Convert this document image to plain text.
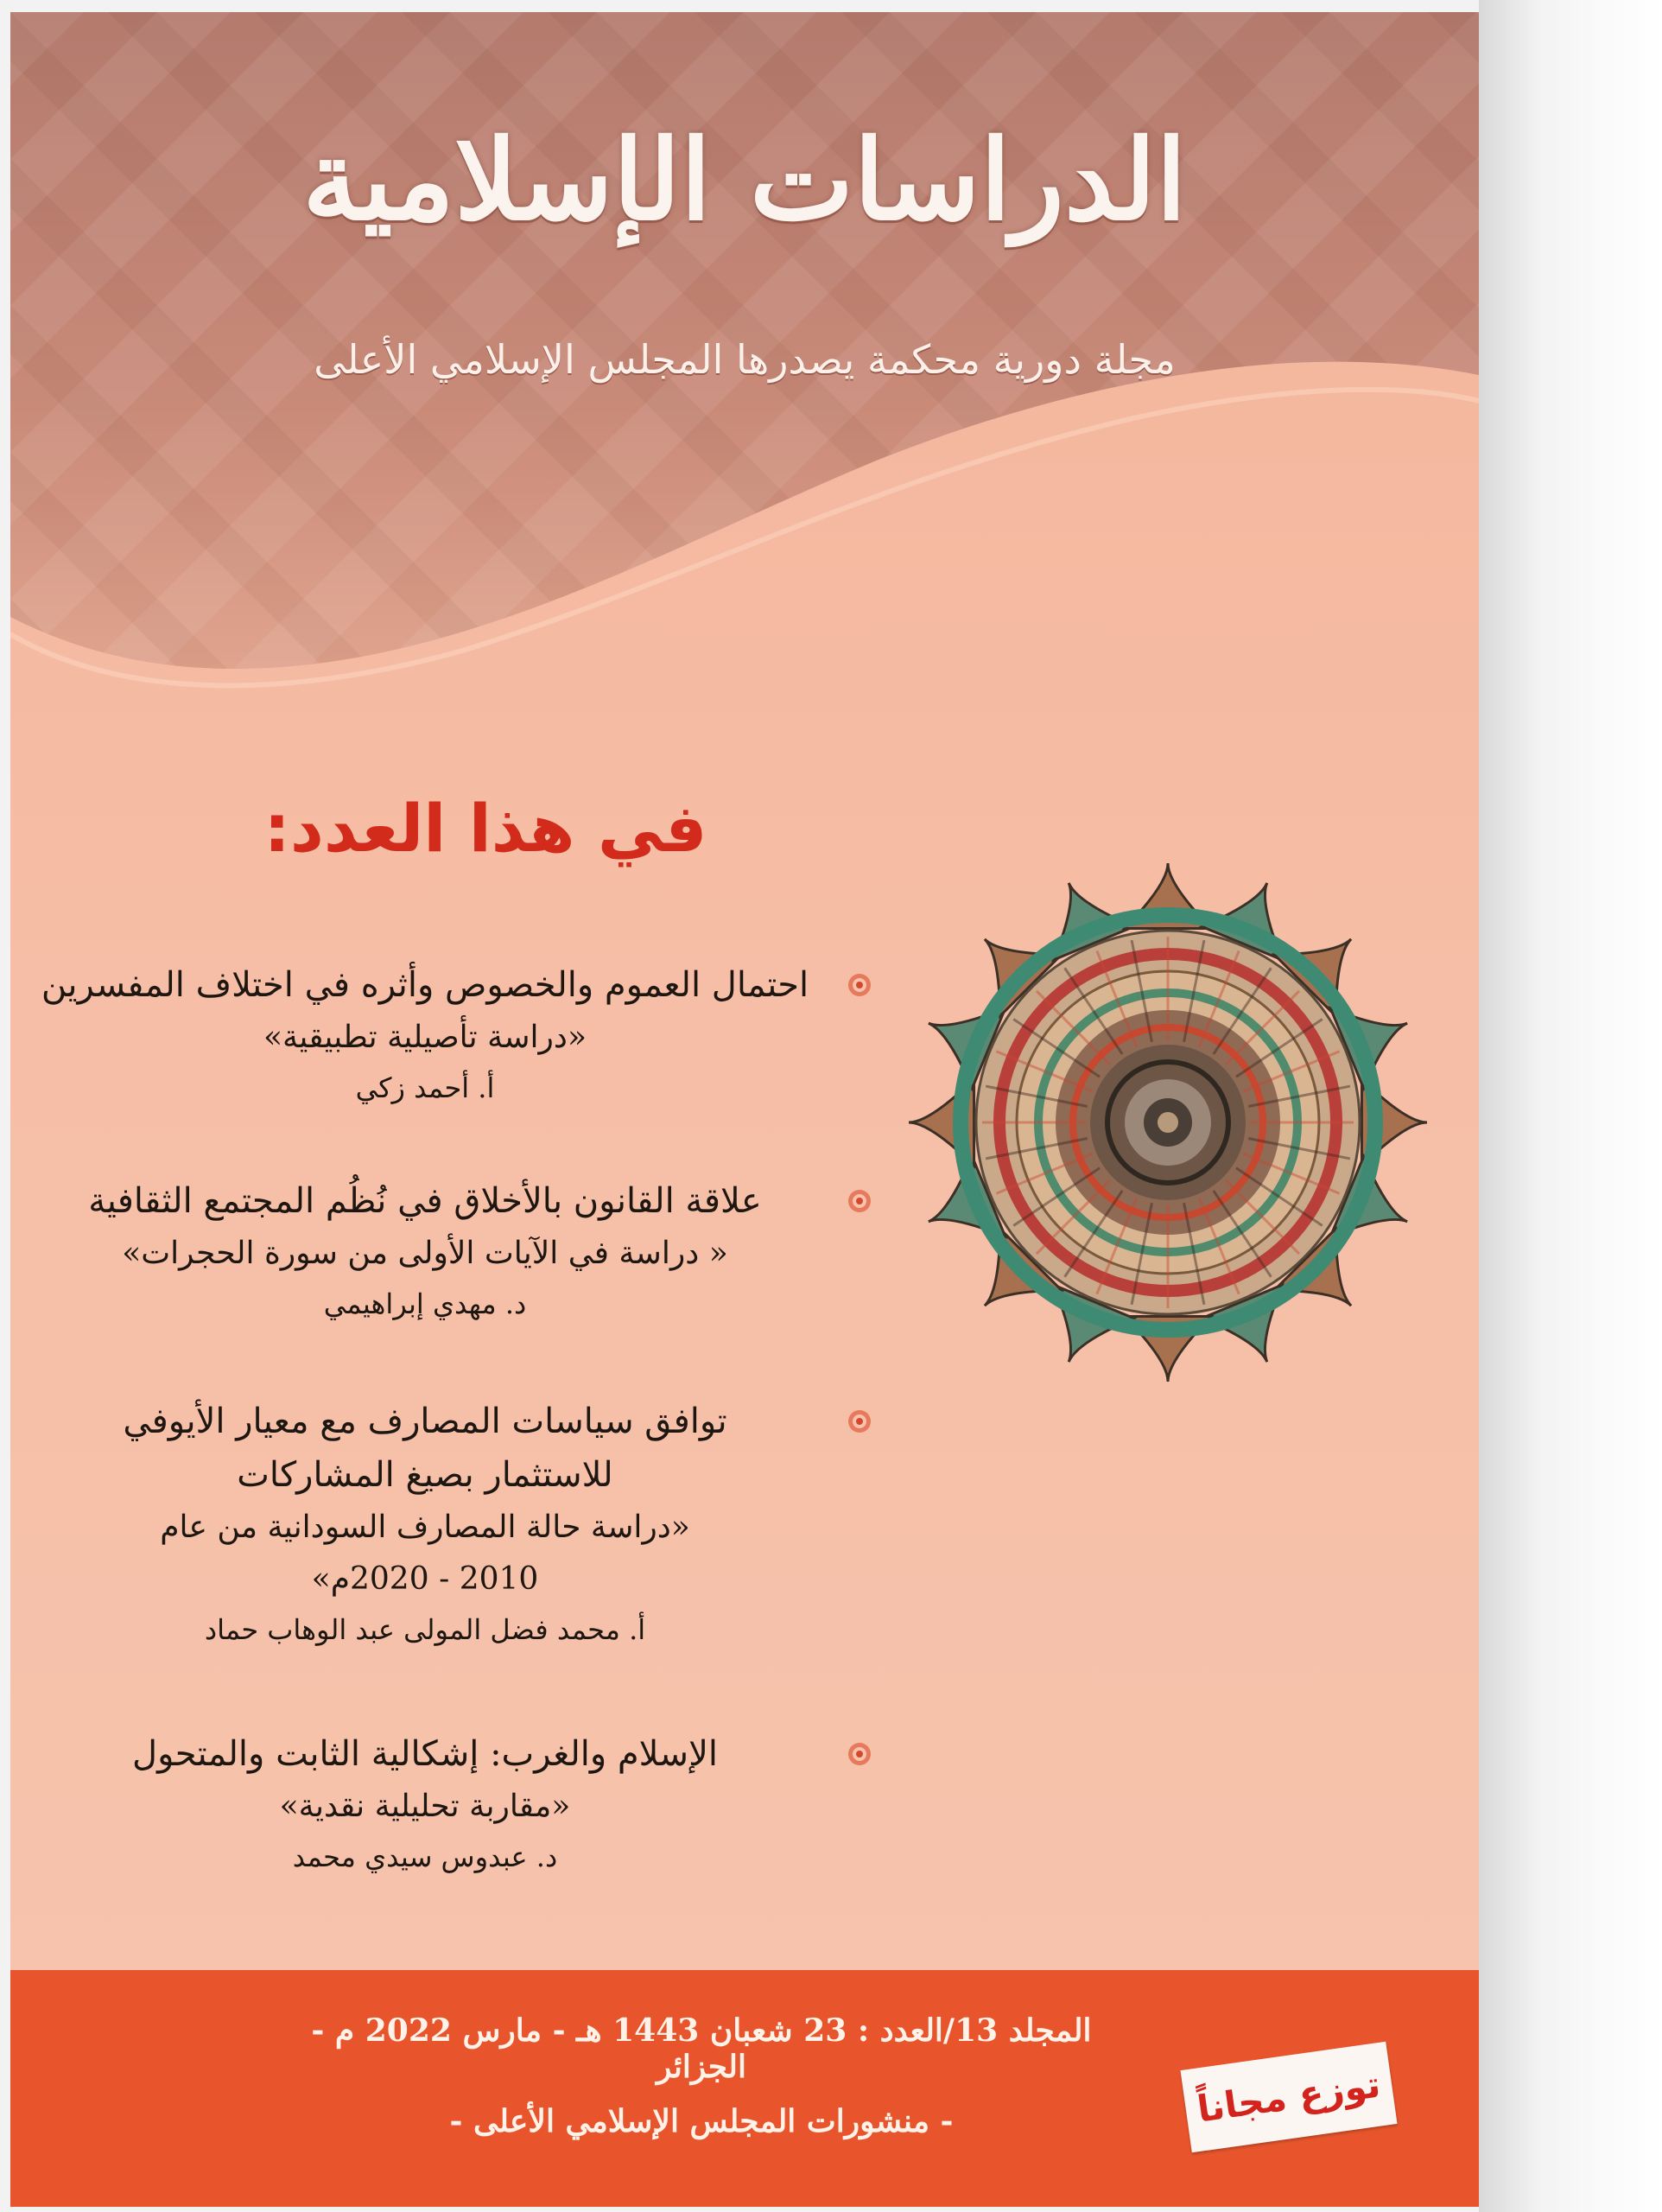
الدراسات الإسلامية
مجلة دورية محكمة يصدرها المجلس الإسلامي الأعلى
في هذا العدد:
احتمال العموم والخصوص وأثره في اختلاف المفسرين
«دراسة تأصيلية تطبيقية»
أ. أحمد زكي
علاقة القانون بالأخلاق في نُظُم المجتمع الثقافية
« دراسة في الآيات الأولى من سورة الحجرات»
د. مهدي إبراهيمي
توافق سياسات المصارف مع معيار الأيوفي
للاستثمار بصيغ المشاركات
«دراسة حالة المصارف السودانية من عام
2010 - 2020م»
أ. محمد فضل المولى عبد الوهاب حماد
الإسلام والغرب: إشكالية الثابت والمتحول
«مقاربة تحليلية نقدية»
د. عبدوس سيدي محمد
المجلد 13/العدد : 23 شعبان 1443 هـ - مارس 2022 م - الجزائر
- منشورات المجلس الإسلامي الأعلى -	توزع مجاناً
